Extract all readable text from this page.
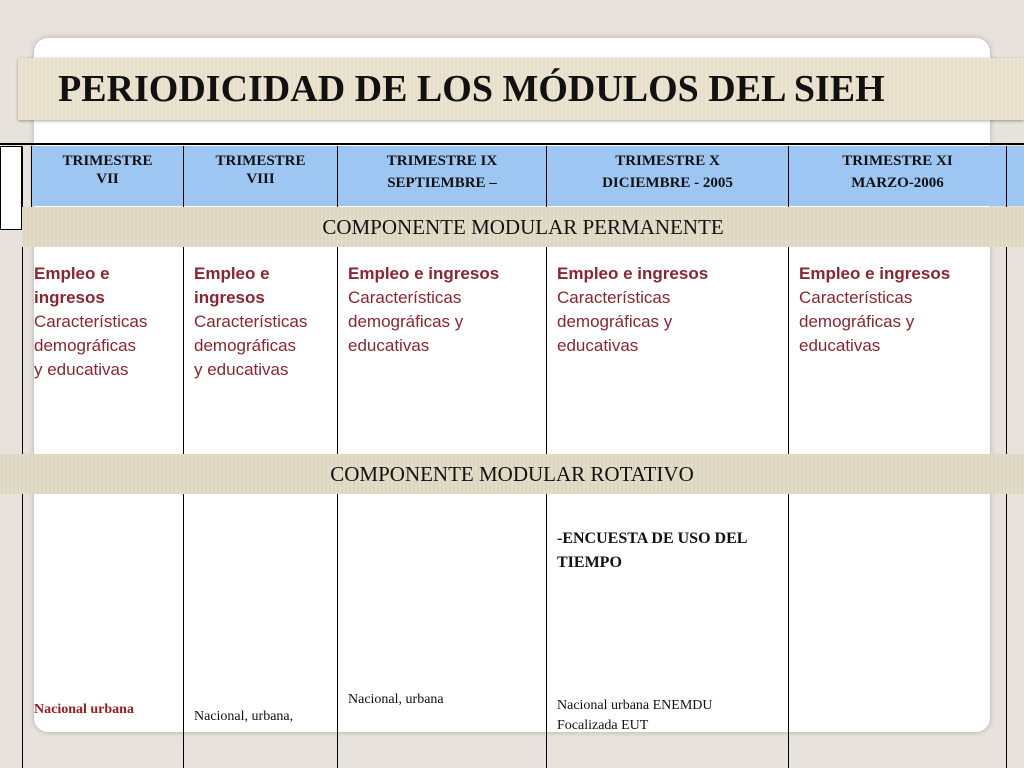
PERIODICIDAD DE LOS MÓDULOS DEL SIEH
TRIMESTRE
VII
TRIMESTRE
VIII
TRIMESTRE IX
SEPTIEMBRE –
TRIMESTRE X
DICIEMBRE - 2005
TRIMESTRE XI
MARZO-2006
COMPONENTE MODULAR PERMANENTE
COMPONENTE MODULAR ROTATIVO
Empleo e
ingresos
Características
demográficas
y educativas
Empleo e
ingresos
Características
demográficas
y educativas
Empleo e ingresos
Características
demográficas y
educativas
Empleo e ingresos
Características
demográficas y
educativas
Empleo e ingresos
Características
demográficas y
educativas
-ENCUESTA DE USO DEL TIEMPO
Nacional urbana	Nacional, urbana,
Nacional, urbana	Nacional urbana ENEMDU Focalizada EUT
